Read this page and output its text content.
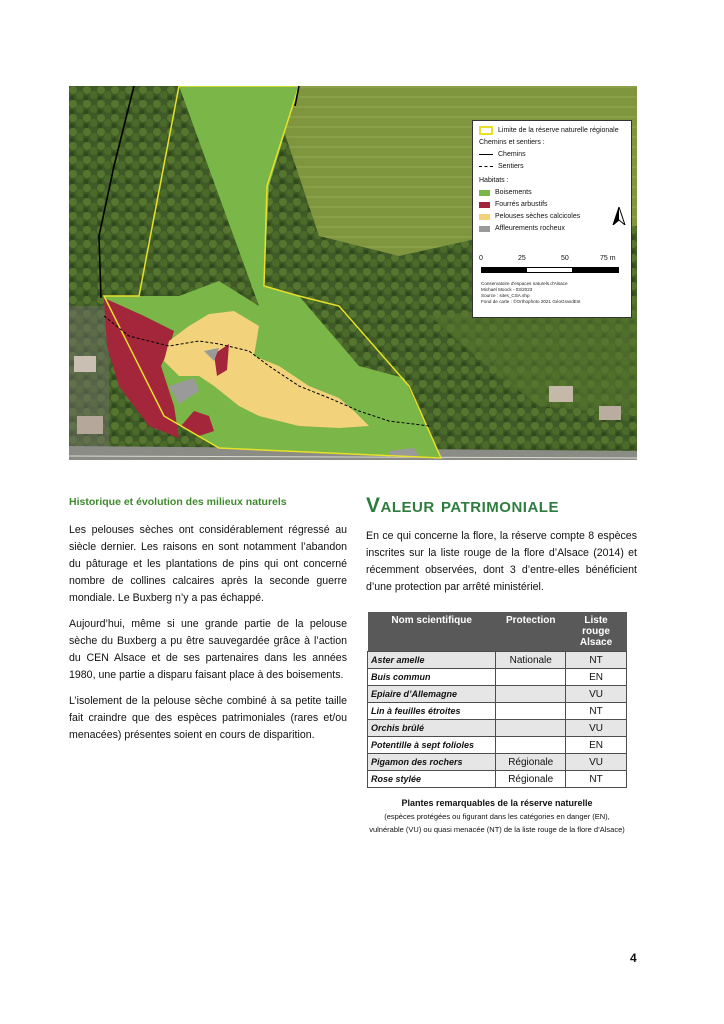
Limite de la réserve naturelle régionale
Chemins et sentiers :
Chemins
Sentiers
Habitats :
Boisements
Fourrés arbustifs
Pelouses sèches calcicoles
Affleurements rocheux
0	25	50	75 m
Conservatoire d'espaces naturels d'Alsace
Michaël Moock - 03/2023
Source : sites_CSA.shp
Fond de carte : ©Orthophoto 2021 GéoGrandEst
Historique et évolution des milieux naturels

Les pelouses sèches ont considérablement régressé au siècle dernier. Les raisons en sont notamment l’abandon du pâturage et les plantations de pins qui ont concerné nombre de collines calcaires après la seconde guerre mondiale. Le Buxberg n’y a pas échappé.

Aujourd’hui, même si une grande partie de la pelouse sèche du Buxberg a pu être sauvegardée grâce à l’action du CEN Alsace et de ses partenaires dans les années 1980, une partie a disparu faisant place à des boisements.

L’isolement de la pelouse sèche combiné à sa petite taille fait craindre que des espèces patrimoniales (rares et/ou menacées) présentes soient en cours de disparition.

Valeur patrimoniale

En ce qui concerne la flore, la réserve compte 8 espèces inscrites sur la liste rouge de la flore d’Alsace (2014) et récemment observées, dont 3 d’entre-elles bénéficient d’une protection par arrêté ministériel.

Nom scientifique	Protection	Liste rouge Alsace
Aster amelle	Nationale	NT
Buis commun		EN
Epiaire d’Allemagne		VU
Lin à feuilles étroites		NT
Orchis brûlé		VU
Potentille à sept folioles		EN
Pigamon des rochers	Régionale	VU
Rose stylée	Régionale	NT
Plantes remarquables de la réserve naturelle
(espèces protégées ou figurant dans les catégories en danger (EN), vulnérable (VU) ou quasi menacée (NT) de la liste rouge de la flore d’Alsace)
4
